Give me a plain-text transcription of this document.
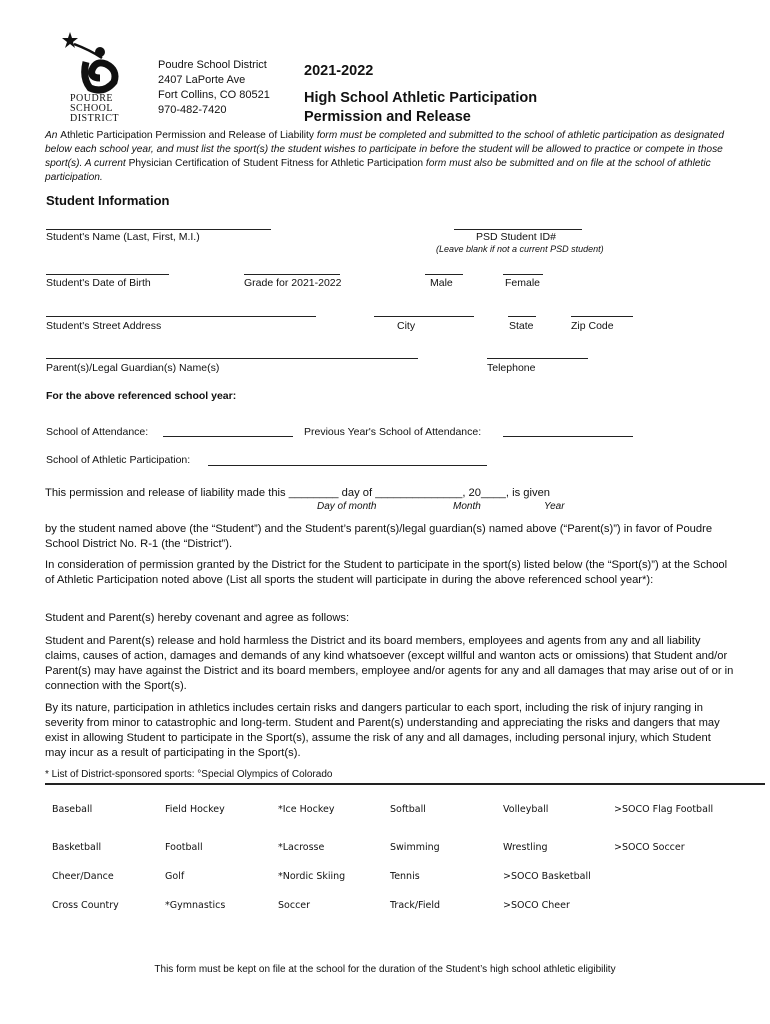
POUDRE
SCHOOL
DISTRICT
Poudre School District
2407 LaPorte Ave
Fort Collins, CO 80521
970-482-7420
2021-2022
High School Athletic Participation
Permission and Release
An Athletic Participation Permission and Release of Liability form must be completed and submitted to the school of athletic participation as designated below each school year, and must list the sport(s) the student wishes to participate in before the student will be allowed to practice or compete in those sport(s). A current Physician Certification of Student Fitness for Athletic Participation form must also be submitted and on file at the school of athletic participation.
Student Information
Student's Name (Last, First, M.I.)	PSD Student ID#
(Leave blank if not a current PSD student)
Student's Date of Birth	Grade for 2021-2022	Male	Female
Student's Street Address	City	State	Zip Code
Parent(s)/Legal Guardian(s) Name(s)	Telephone
For the above referenced school year:
School of Attendance:	Previous Year's School of Attendance:
School of Athletic Participation:
This permission and release of liability made this ________ day of ______________, 20____, is given
Day of month	Month	Year
by the student named above (the “Student”) and the Student’s parent(s)/legal guardian(s) named above (“Parent(s)”) in favor of Poudre School District No. R-1 (the “District”).
In consideration of permission granted by the District for the Student to participate in the sport(s) listed below (the “Sport(s)”) at the School of Athletic Participation noted above (List all sports the student will participate in during the above referenced school year*):
Student and Parent(s) hereby covenant and agree as follows:
Student and Parent(s) release and hold harmless the District and its board members, employees and agents from any and all liability claims, causes of action, damages and demands of any kind whatsoever (except willful and wanton acts or omissions) that Student and/or Parent(s) may have against the District and its board members, employee and/or agents for any and all damages that may arise out of or in connection with the Sport(s).
By its nature, participation in athletics includes certain risks and dangers particular to each sport, including the risk of injury ranging in severity from minor to catastrophic and long-term. Student and Parent(s) understanding and appreciating the risks and dangers that may exist in allowing Student to participate in the Sport(s), assume the risk of any and all damages, including personal injury, which Student may incur as a result of participating in the Sport(s).
* List of District-sponsored sports: °Special Olympics of Colorado
Baseball	Field Hockey	*Ice Hockey	Softball	Volleyball	>SOCO Flag Football
Basketball	Football	*Lacrosse	Swimming	Wrestling	>SOCO Soccer
Cheer/Dance	Golf	*Nordic Skiing	Tennis	>SOCO Basketball
Cross Country	*Gymnastics	Soccer	Track/Field	>SOCO Cheer
This form must be kept on file at the school for the duration of the Student’s high school athletic eligibility
